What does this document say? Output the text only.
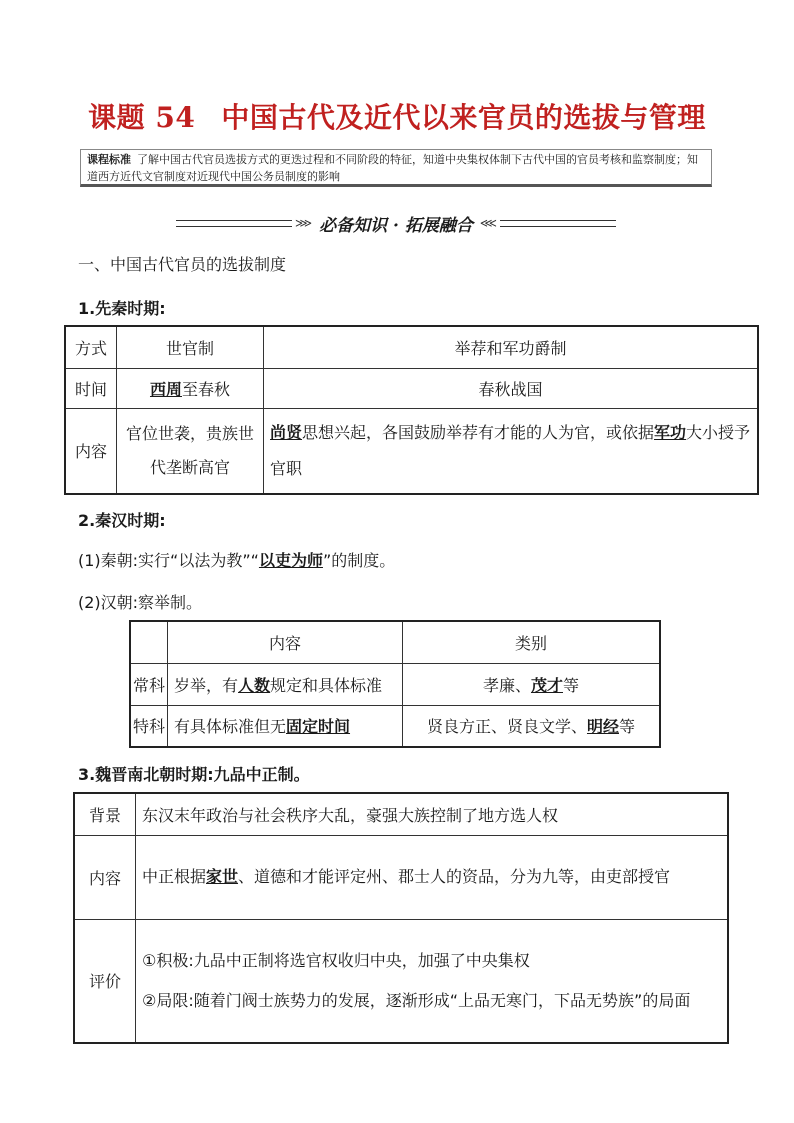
课题 54 中国古代及近代以来官员的选拔与管理
课程标准 了解中国古代官员选拔方式的更迭过程和不同阶段的特征，知道中央集权体制下古代中国的官员考核和监察制度；知道西方近代文官制度对近现代中国公务员制度的影响
⋙ 必备知识 · 拓展融合 ⋘
一、中国古代官员的选拔制度
1.先秦时期:
方式	世官制	举荐和军功爵制
时间	西周至春秋	春秋战国
内容	官位世袭，贵族世代垄断高官	尚贤思想兴起，各国鼓励举荐有才能的人为官，或依据军功大小授予官职
2.秦汉时期:
(1)秦朝:实行“以法为教”“以吏为师”的制度。
(2)汉朝:察举制。
	内容	类别
常科	岁举，有人数规定和具体标准	孝廉、茂才等
特科	有具体标准但无固定时间	贤良方正、贤良文学、明经等
3.魏晋南北朝时期:九品中正制。
背景	东汉末年政治与社会秩序大乱，豪强大族控制了地方选人权
内容	中正根据家世、道德和才能评定州、郡士人的资品，分为九等，由吏部授官
评价	①积极:九品中正制将选官权收归中央，加强了中央集权
②局限:随着门阀士族势力的发展，逐渐形成“上品无寒门，下品无势族”的局面
